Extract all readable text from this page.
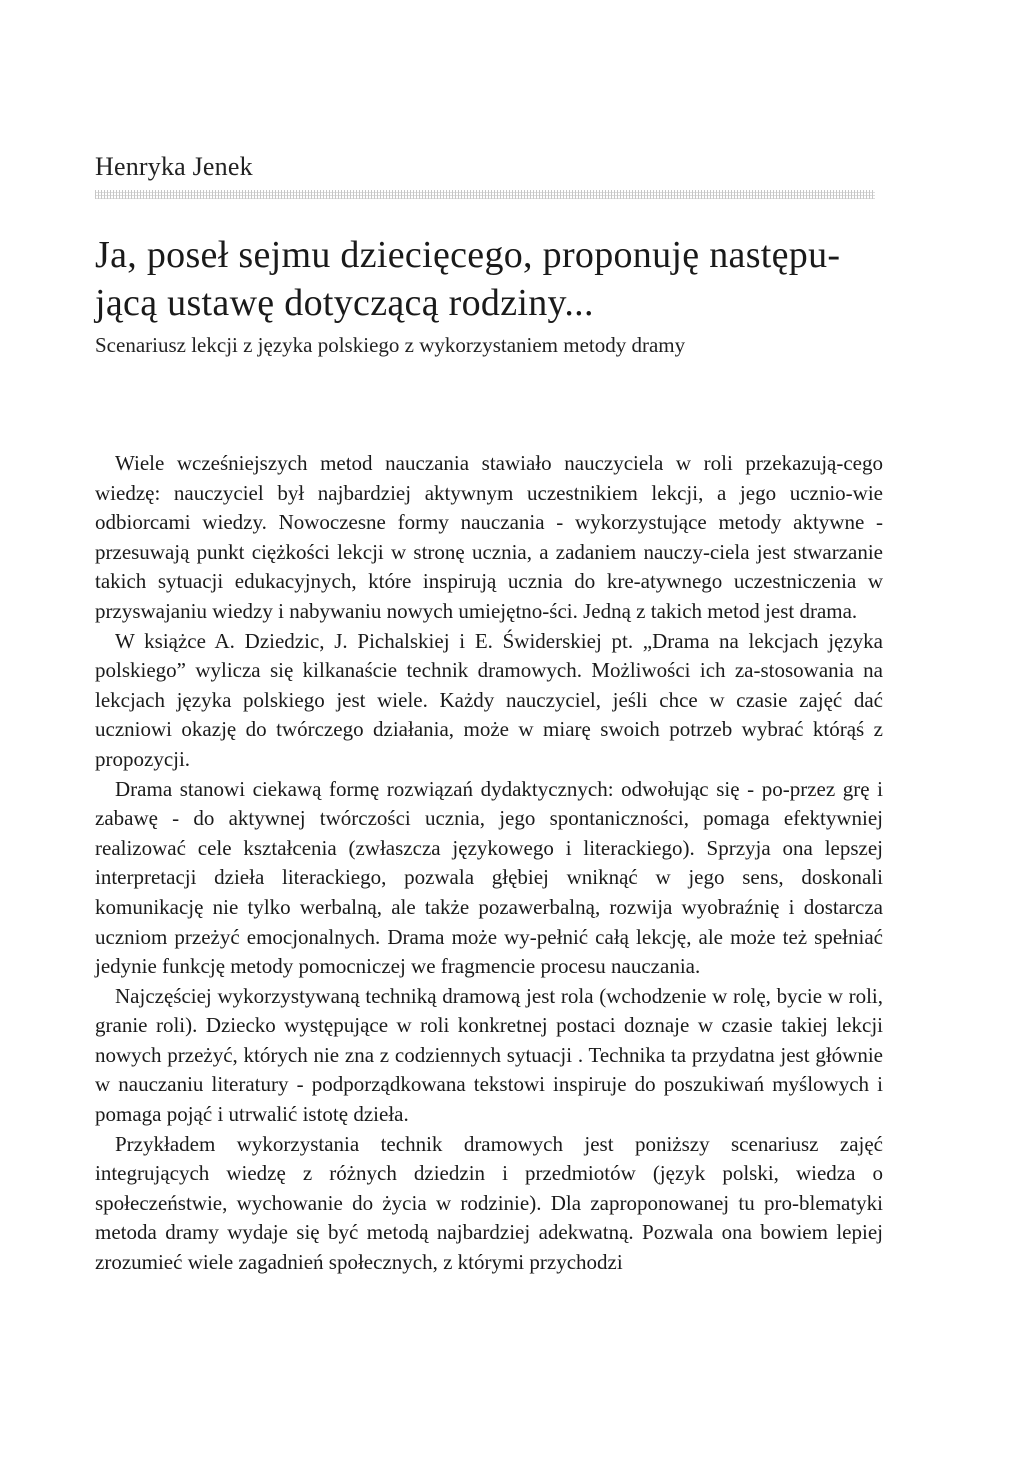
Henryka Jenek

Ja, poseł sejmu dziecięcego, proponuję następu-jącą ustawę dotyczącą rodziny...

Scenariusz lekcji z języka polskiego z wykorzystaniem metody dramy

Wiele wcześniejszych metod nauczania stawiało nauczyciela w roli przekazują-cego wiedzę: nauczyciel był najbardziej aktywnym uczestnikiem lekcji, a jego ucznio-wie odbiorcami wiedzy. Nowoczesne formy nauczania - wykorzystujące metody aktywne - przesuwają punkt ciężkości lekcji w stronę ucznia, a zadaniem nauczy-ciela jest stwarzanie takich sytuacji edukacyjnych, które inspirują ucznia do kre-atywnego uczestniczenia w przyswajaniu wiedzy i nabywaniu nowych umiejętno-ści. Jedną z takich metod jest drama.

W książce A. Dziedzic, J. Pichalskiej i E. Świderskiej pt. „Drama na lekcjach języka polskiego” wylicza się kilkanaście technik dramowych. Możliwości ich za-stosowania na lekcjach języka polskiego jest wiele. Każdy nauczyciel, jeśli chce w czasie zajęć dać uczniowi okazję do twórczego działania, może w miarę swoich potrzeb wybrać którąś z propozycji.

Drama stanowi ciekawą formę rozwiązań dydaktycznych: odwołując się - po-przez grę i zabawę - do aktywnej twórczości ucznia, jego spontaniczności, pomaga efektywniej realizować cele kształcenia (zwłaszcza językowego i literackiego). Sprzyja ona lepszej interpretacji dzieła literackiego, pozwala głębiej wniknąć w jego sens, doskonali komunikację nie tylko werbalną, ale także pozawerbalną, rozwija wyobraźnię i dostarcza uczniom przeżyć emocjonalnych. Drama może wy-pełnić całą lekcję, ale może też spełniać jedynie funkcję metody pomocniczej we fragmencie procesu nauczania.

Najczęściej wykorzystywaną techniką dramową jest rola (wchodzenie w rolę, bycie w roli, granie roli). Dziecko występujące w roli konkretnej postaci doznaje w czasie takiej lekcji nowych przeżyć, których nie zna z codziennych sytuacji . Technika ta przydatna jest głównie w nauczaniu literatury - podporządkowana tekstowi inspiruje do poszukiwań myślowych i pomaga pojąć i utrwalić istotę dzieła.

Przykładem wykorzystania technik dramowych jest poniższy scenariusz zajęć integrujących wiedzę z różnych dziedzin i przedmiotów (język polski, wiedza o społeczeństwie, wychowanie do życia w rodzinie). Dla zaproponowanej tu pro-blematyki metoda dramy wydaje się być metodą najbardziej adekwatną. Pozwala ona bowiem lepiej zrozumieć wiele zagadnień społecznych, z którymi przychodzi
